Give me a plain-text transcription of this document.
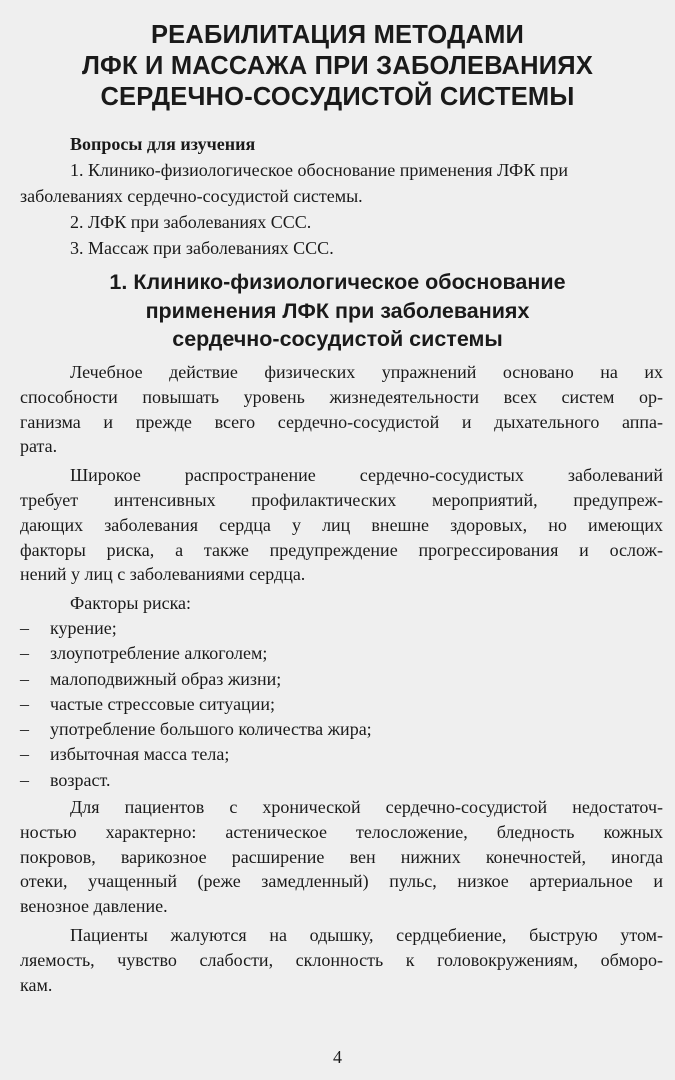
РЕАБИЛИТАЦИЯ МЕТОДАМИ
ЛФК И МАССАЖА ПРИ ЗАБОЛЕВАНИЯХ
СЕРДЕЧНО-СОСУДИСТОЙ СИСТЕМЫ
Вопросы для изучения
1. Клинико-физиологическое обоснование применения ЛФК при
заболеваниях сердечно-сосудистой системы.
2. ЛФК при заболеваниях ССС.
3. Массаж при заболеваниях ССС.
1. Клинико-физиологическое обоснование
применения ЛФК при заболеваниях
сердечно-сосудистой системы
Лечебное действие физических упражнений основано на их
способности повышать уровень жизнедеятельности всех систем ор-
ганизма и прежде всего сердечно-сосудистой и дыхательного аппа-
рата.
Широкое распространение сердечно-сосудистых заболеваний
требует интенсивных профилактических мероприятий, предупреж-
дающих заболевания сердца у лиц внешне здоровых, но имеющих
факторы риска, а также предупреждение прогрессирования и ослож-
нений у лиц с заболеваниями сердца.
Факторы риска:
– курение;
– злоупотребление алкоголем;
– малоподвижный образ жизни;
– частые стрессовые ситуации;
– употребление большого количества жира;
– избыточная масса тела;
– возраст.
Для пациентов с хронической сердечно-сосудистой недостаточ-
ностью характерно: астеническое телосложение, бледность кожных
покровов, варикозное расширение вен нижних конечностей, иногда
отеки, учащенный (реже замедленный) пульс, низкое артериальное и
венозное давление.
Пациенты жалуются на одышку, сердцебиение, быструю утом-
ляемость, чувство слабости, склонность к головокружениям, обморо-
кам.
4
